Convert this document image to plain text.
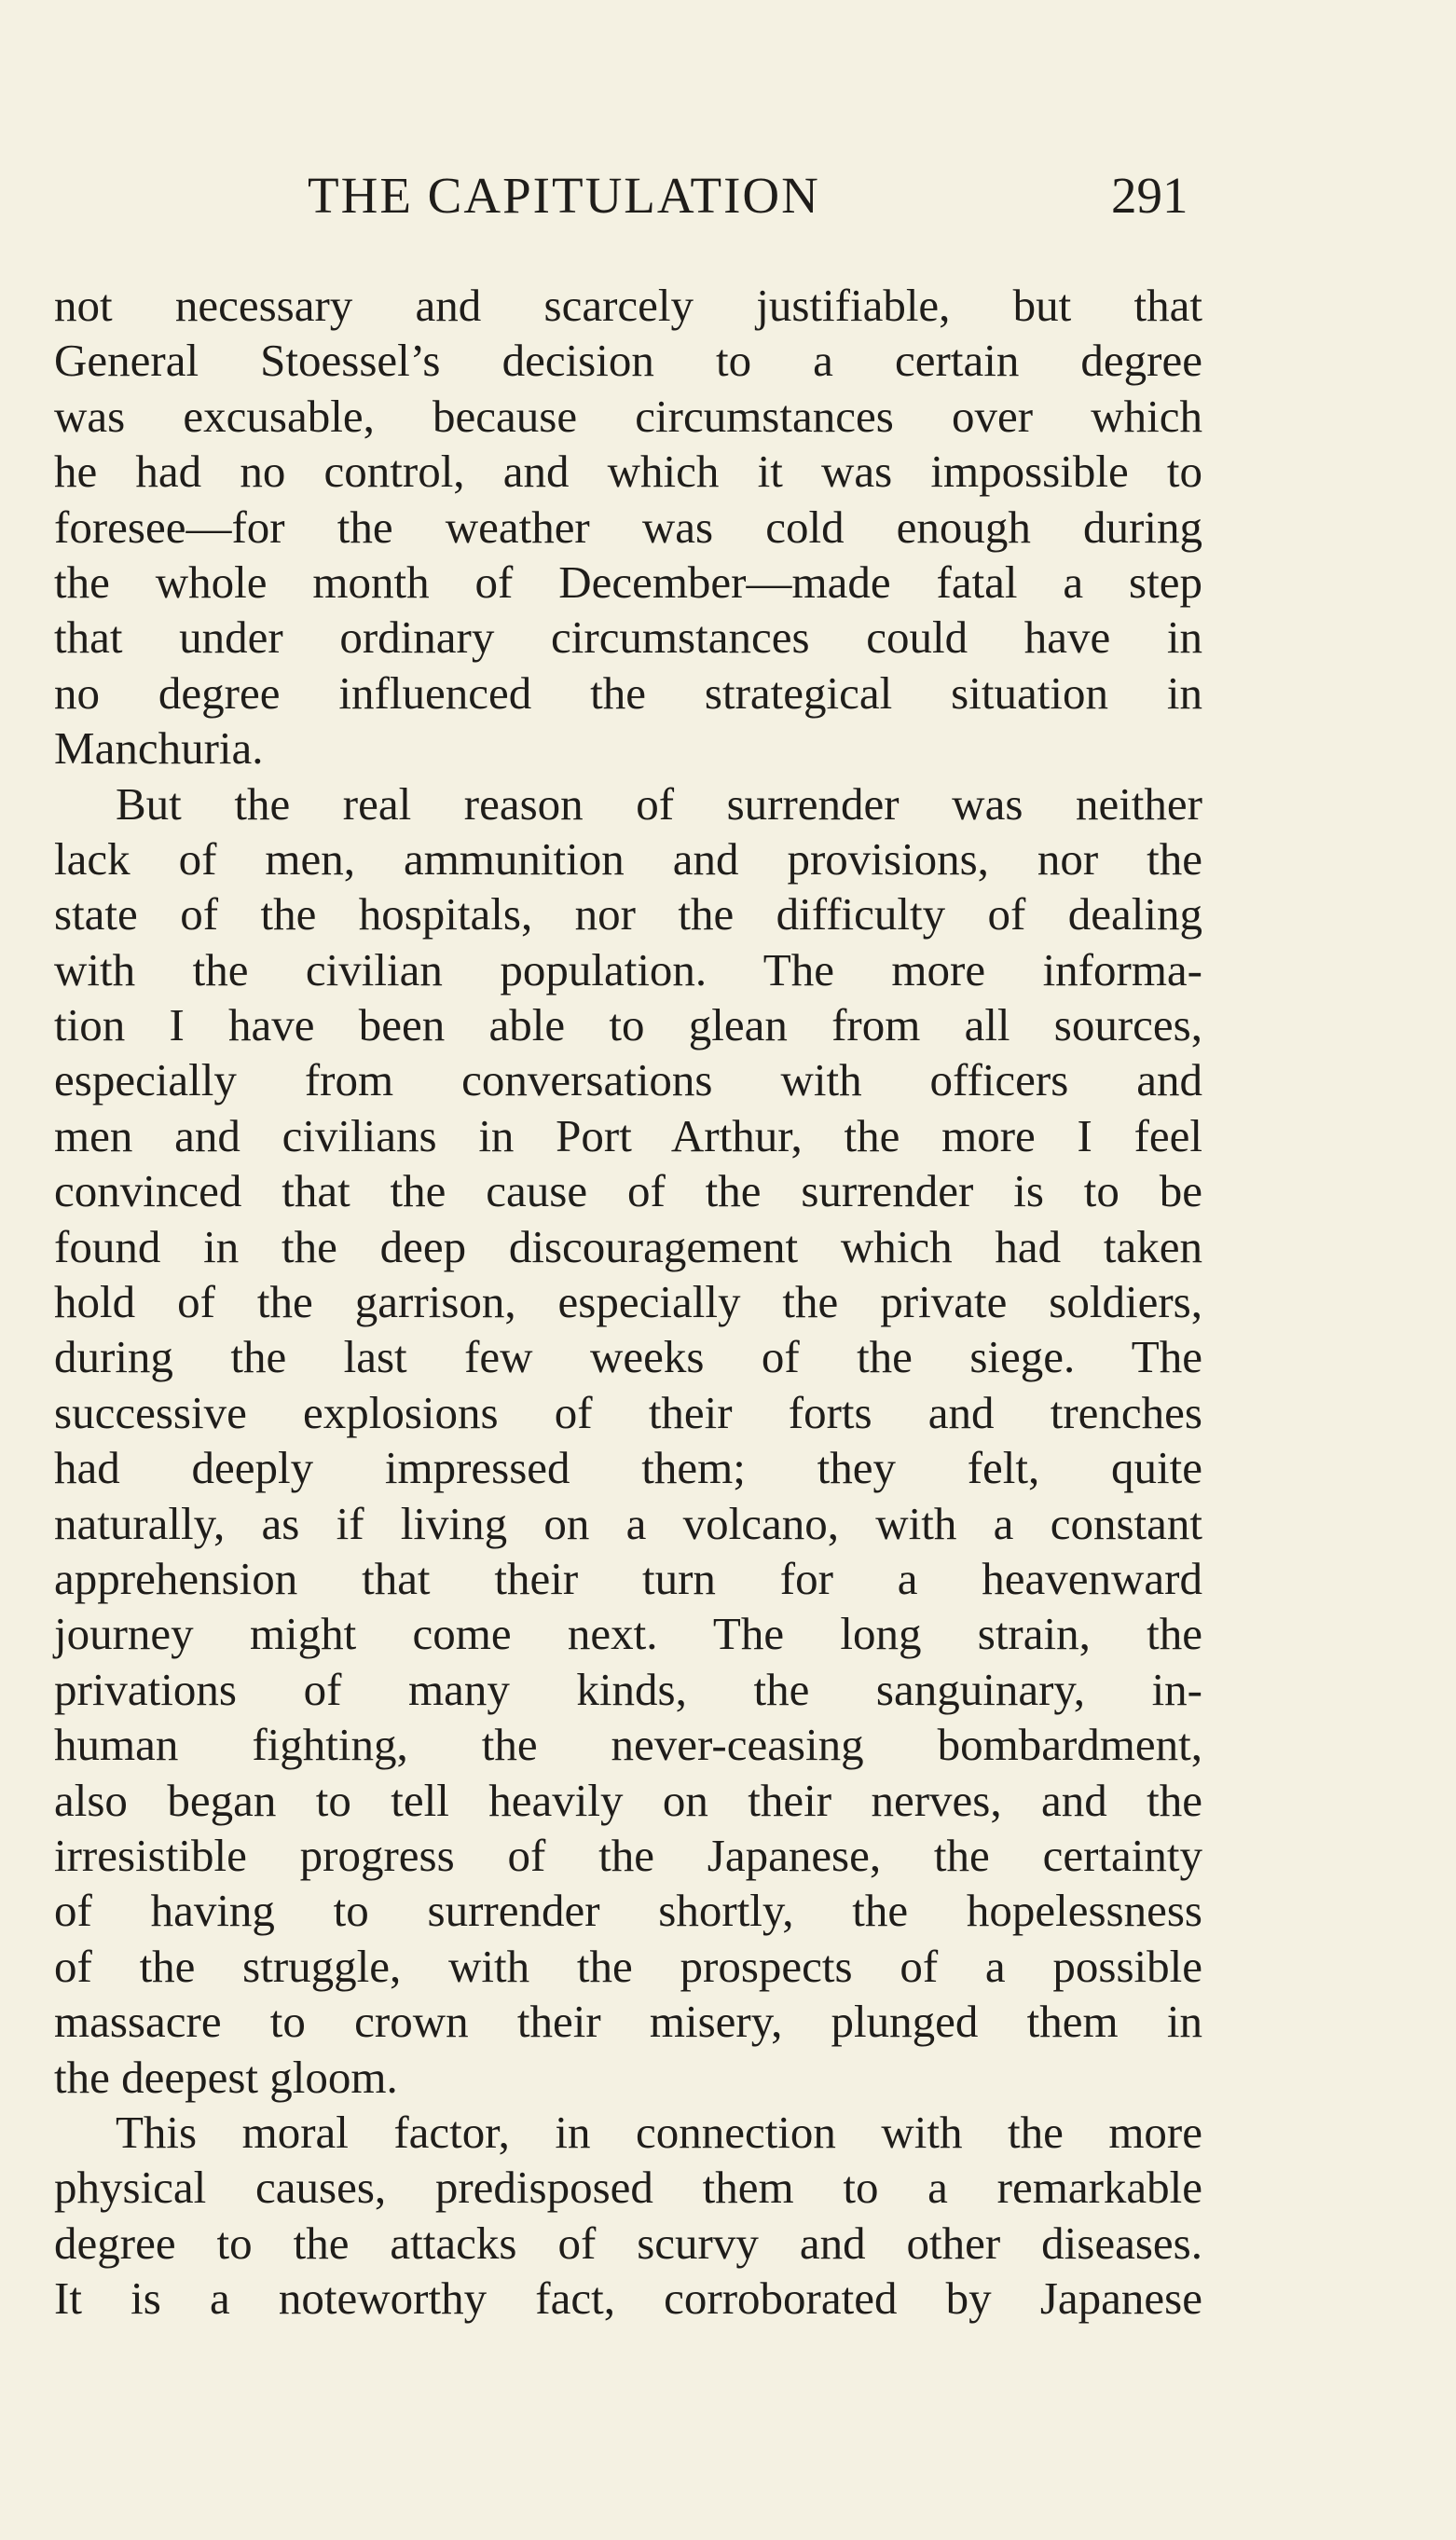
THE CAPITULATION	291
not necessary and scarcely justifiable, but that
General Stoessel’s decision to a certain degree
was excusable, because circumstances over which
he had no control, and which it was impossible to
foresee—for the weather was cold enough during
the whole month of December—made fatal a step
that under ordinary circumstances could have in
no degree influenced the strategical situation in
Manchuria.
But the real reason of surrender was neither
lack of men, ammunition and provisions, nor the
state of the hospitals, nor the difficulty of dealing
with the civilian population. The more informa-
tion I have been able to glean from all sources,
especially from conversations with officers and
men and civilians in Port Arthur, the more I feel
convinced that the cause of the surrender is to be
found in the deep discouragement which had taken
hold of the garrison, especially the private soldiers,
during the last few weeks of the siege. The
successive explosions of their forts and trenches
had deeply impressed them; they felt, quite
naturally, as if living on a volcano, with a constant
apprehension that their turn for a heavenward
journey might come next. The long strain, the
privations of many kinds, the sanguinary, in-
human fighting, the never-ceasing bombardment,
also began to tell heavily on their nerves, and the
irresistible progress of the Japanese, the certainty
of having to surrender shortly, the hopelessness
of the struggle, with the prospects of a possible
massacre to crown their misery, plunged them in
the deepest gloom.
This moral factor, in connection with the more
physical causes, predisposed them to a remarkable
degree to the attacks of scurvy and other diseases.
It is a noteworthy fact, corroborated by Japanese
